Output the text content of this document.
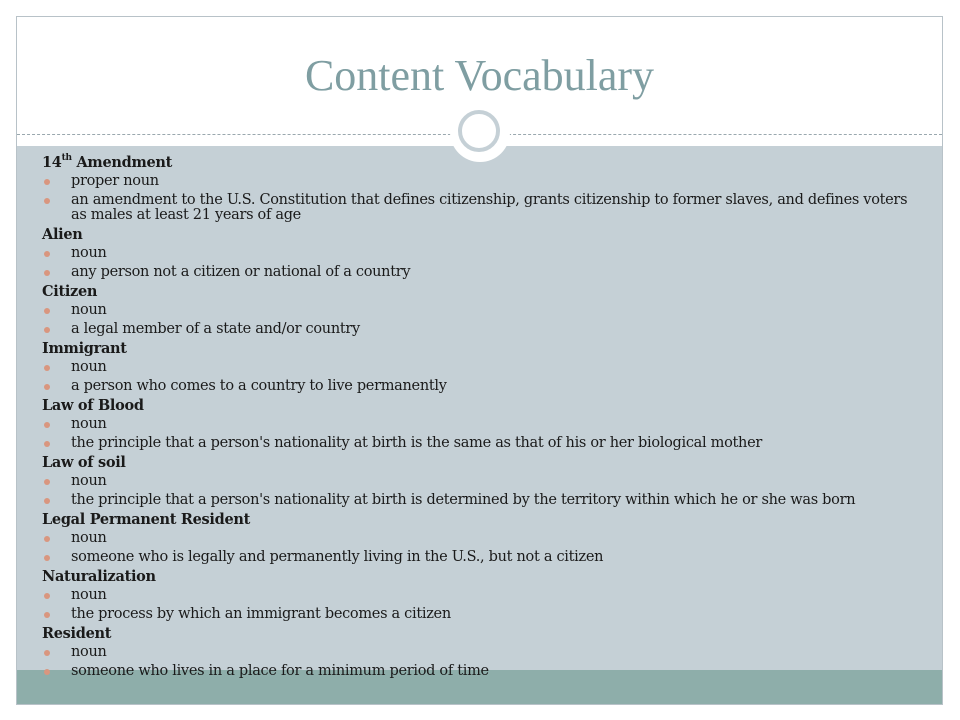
Content Vocabulary
14th Amendment
proper noun
an amendment to the U.S. Constitution that defines citizenship, grants citizenship to former slaves, and defines voters as males at least 21 years of age
Alien
noun
any person not a citizen or national of a country
Citizen
noun
a legal member of a state and/or country
Immigrant
noun
a person who comes to a country to live permanently
Law of Blood
noun
the principle that a person's nationality at birth is the same as that of his or her biological mother
Law of soil
noun
the principle that a person's nationality at birth is determined by the territory within which he or she was born
Legal Permanent Resident
noun
someone who is legally and permanently living in the U.S., but not a citizen
Naturalization
noun
the process by which an immigrant becomes a citizen
Resident
noun
someone who lives in a place for a minimum period of time
